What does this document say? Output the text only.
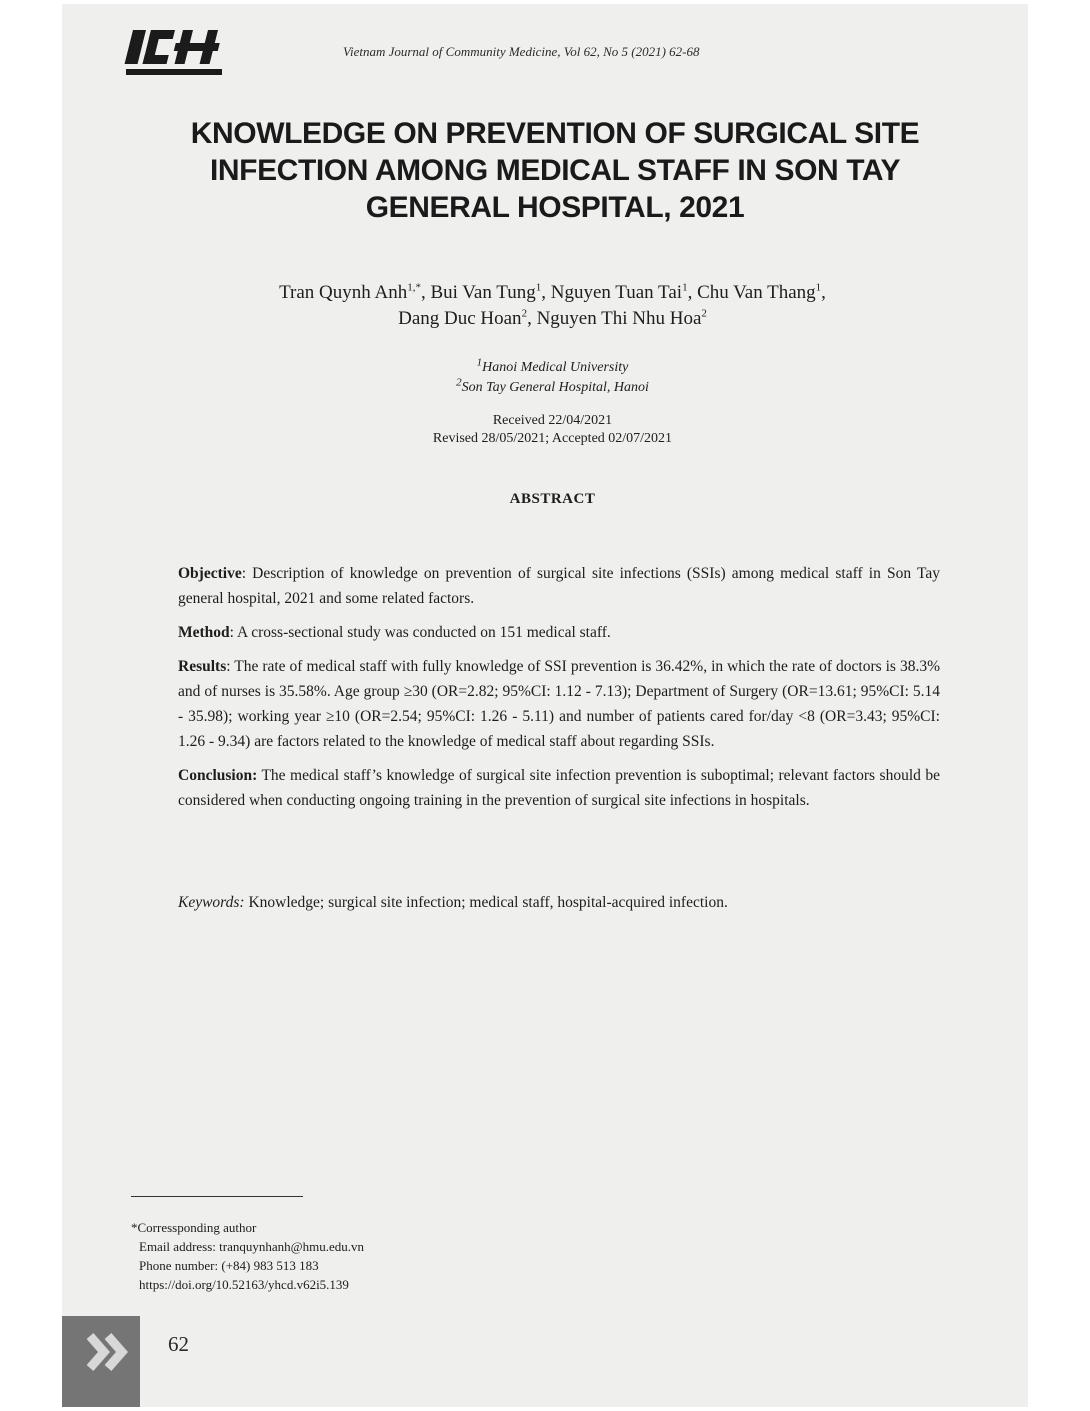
Vietnam Journal of Community Medicine, Vol 62, No 5 (2021) 62-68
KNOWLEDGE ON PREVENTION OF SURGICAL SITE
INFECTION AMONG MEDICAL STAFF IN SON TAY
GENERAL HOSPITAL, 2021
Tran Quynh Anh$^{1,*}$, Bui Van Tung$^1$, Nguyen Tuan Tai$^1$, Chu Van Thang$^1$,
Dang Duc Hoan$^2$, Nguyen Thi Nhu Hoa$^2$
$^1$Hanoi Medical University
$^2$Son Tay General Hospital, Hanoi
Received 22/04/2021
Revised 28/05/2021; Accepted 02/07/2021
ABSTRACT

Objective: Description of knowledge on prevention of surgical site infections (SSIs) among medical staff in Son Tay general hospital, 2021 and some related factors.

Method: A cross-sectional study was conducted on 151 medical staff.

Results: The rate of medical staff with fully knowledge of SSI prevention is 36.42%, in which the rate of doctors is 38.3% and of nurses is 35.58%. Age group ≥30 (OR=2.82; 95%CI: 1.12 - 7.13); Department of Surgery (OR=13.61; 95%CI: 5.14 - 35.98); working year ≥10 (OR=2.54; 95%CI: 1.26 - 5.11) and number of patients cared for/day <8 (OR=3.43; 95%CI: 1.26 - 9.34) are factors related to the knowledge of medical staff about regarding SSIs.

Conclusion: The medical staff’s knowledge of surgical site infection prevention is suboptimal; relevant factors should be considered when conducting ongoing training in the prevention of surgical site infections in hospitals.

Keywords: Knowledge; surgical site infection; medical staff, hospital-acquired infection.
*Corressponding author
Email address: tranquynhanh@hmu.edu.vn
Phone number: (+84) 983 513 183
https://doi.org/10.52163/yhcd.v62i5.139
62
